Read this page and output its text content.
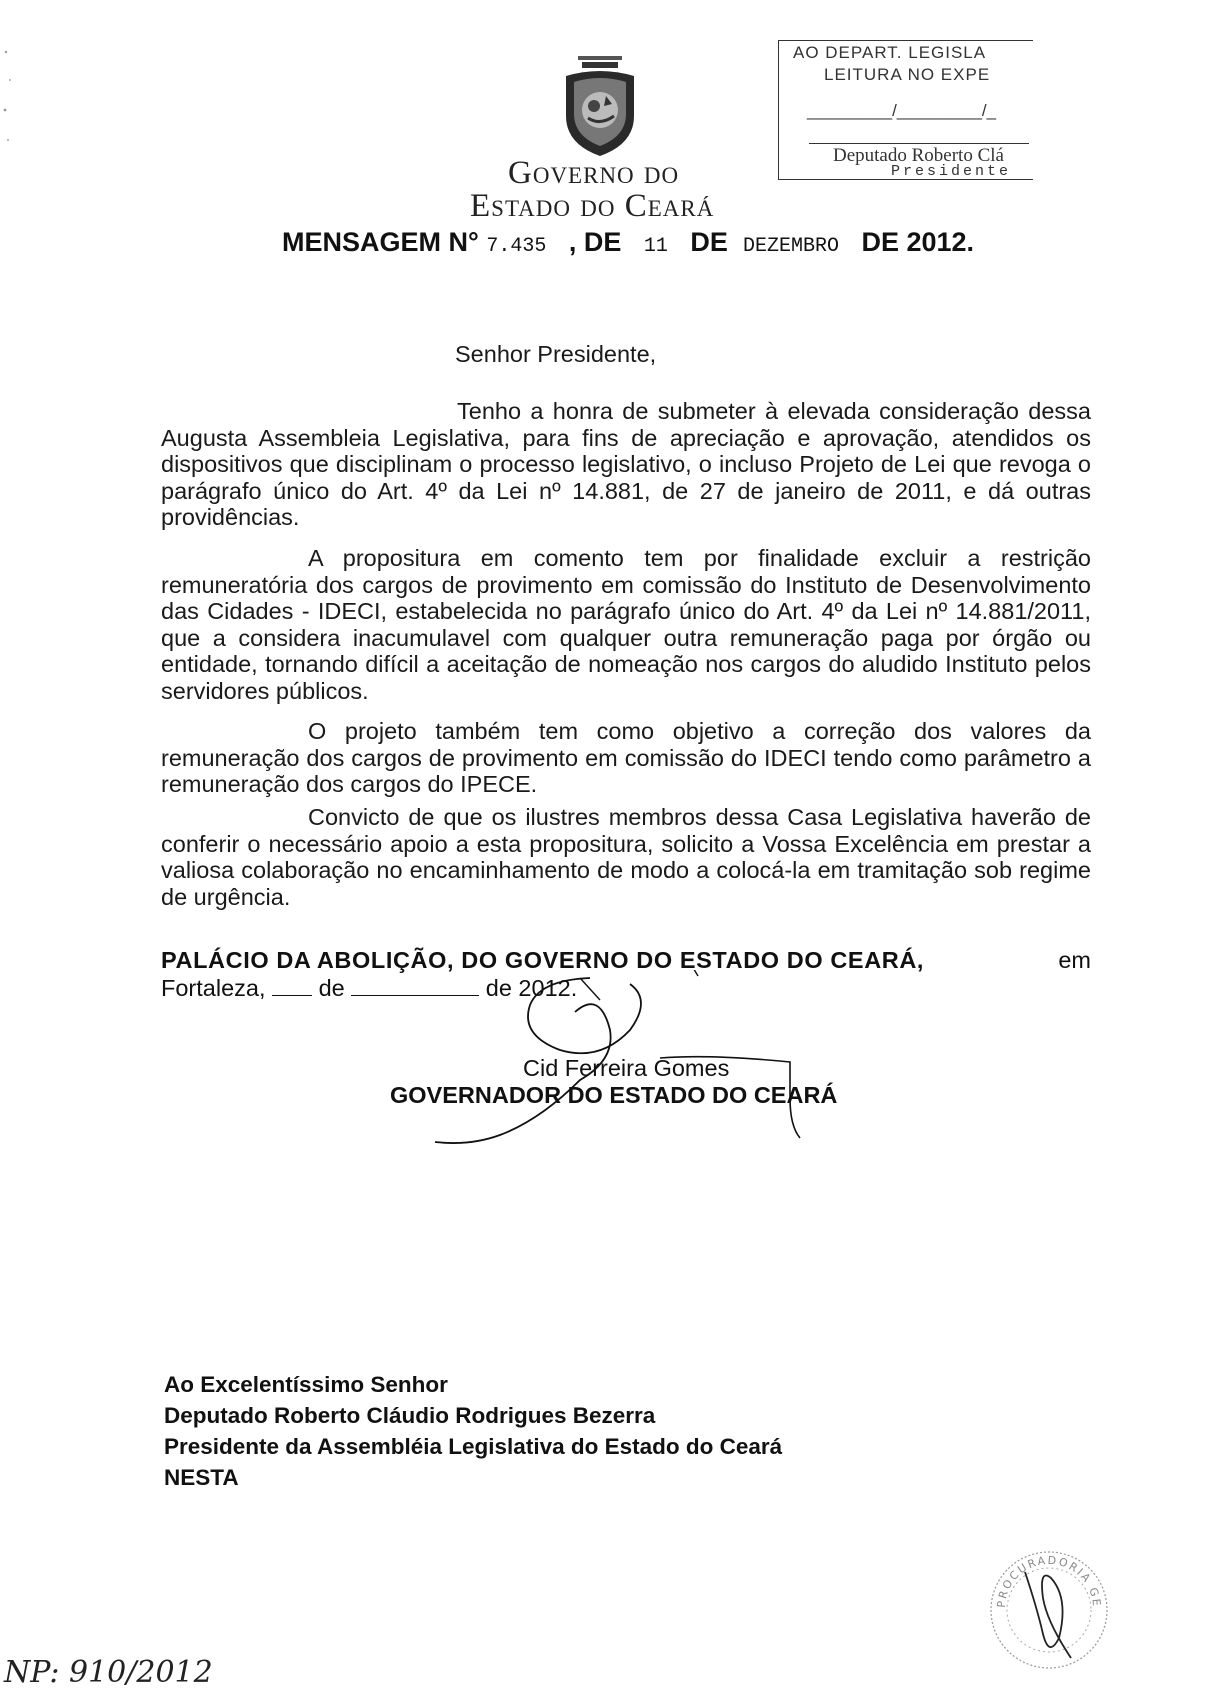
Governo do
Estado do Ceará
AO DEPART. LEGISLA
LEITURA NO EXPE
_________/_________/_
Deputado Roberto Clá
Presidente
MENSAGEM N° 7.435 , DE 11 DE DEZEMBRO DE 2012.
Senhor Presidente,

Tenho a honra de submeter à elevada consideração dessa Augusta Assembleia Legislativa, para fins de apreciação e aprovação, atendidos os dispositivos que disciplinam o processo legislativo, o incluso Projeto de Lei que revoga o parágrafo único do Art. 4º da Lei nº 14.881, de 27 de janeiro de 2011, e dá outras providências.

A propositura em comento tem por finalidade excluir a restrição remuneratória dos cargos de provimento em comissão do Instituto de Desenvolvimento das Cidades - IDECI, estabelecida no parágrafo único do Art. 4º da Lei nº 14.881/2011, que a considera inacumulavel com qualquer outra remuneração paga por órgão ou entidade, tornando difícil a aceitação de nomeação nos cargos do aludido Instituto pelos servidores públicos.

O projeto também tem como objetivo a correção dos valores da remuneração dos cargos de provimento em comissão do IDECI tendo como parâmetro a remuneração dos cargos do IPECE.

Convicto de que os ilustres membros dessa Casa Legislativa haverão de conferir o necessário apoio a esta propositura, solicito a Vossa Excelência em prestar a valiosa colaboração no encaminhamento de modo a colocá-la em tramitação sob regime de urgência.

PALÁCIO DA ABOLIÇÃO, DO GOVERNO DO ESTADO DO CEARÁ,	em
Fortaleza, de	de 2012.
Cid Ferreira Gomes
GOVERNADOR DO ESTADO DO CEARÁ
Ao Excelentíssimo Senhor
Deputado Roberto Cláudio Rodrigues Bezerra
Presidente da Assembléia Legislativa do Estado do Ceará
NESTA
NP: 910/2012
PROCURADORIA GE
